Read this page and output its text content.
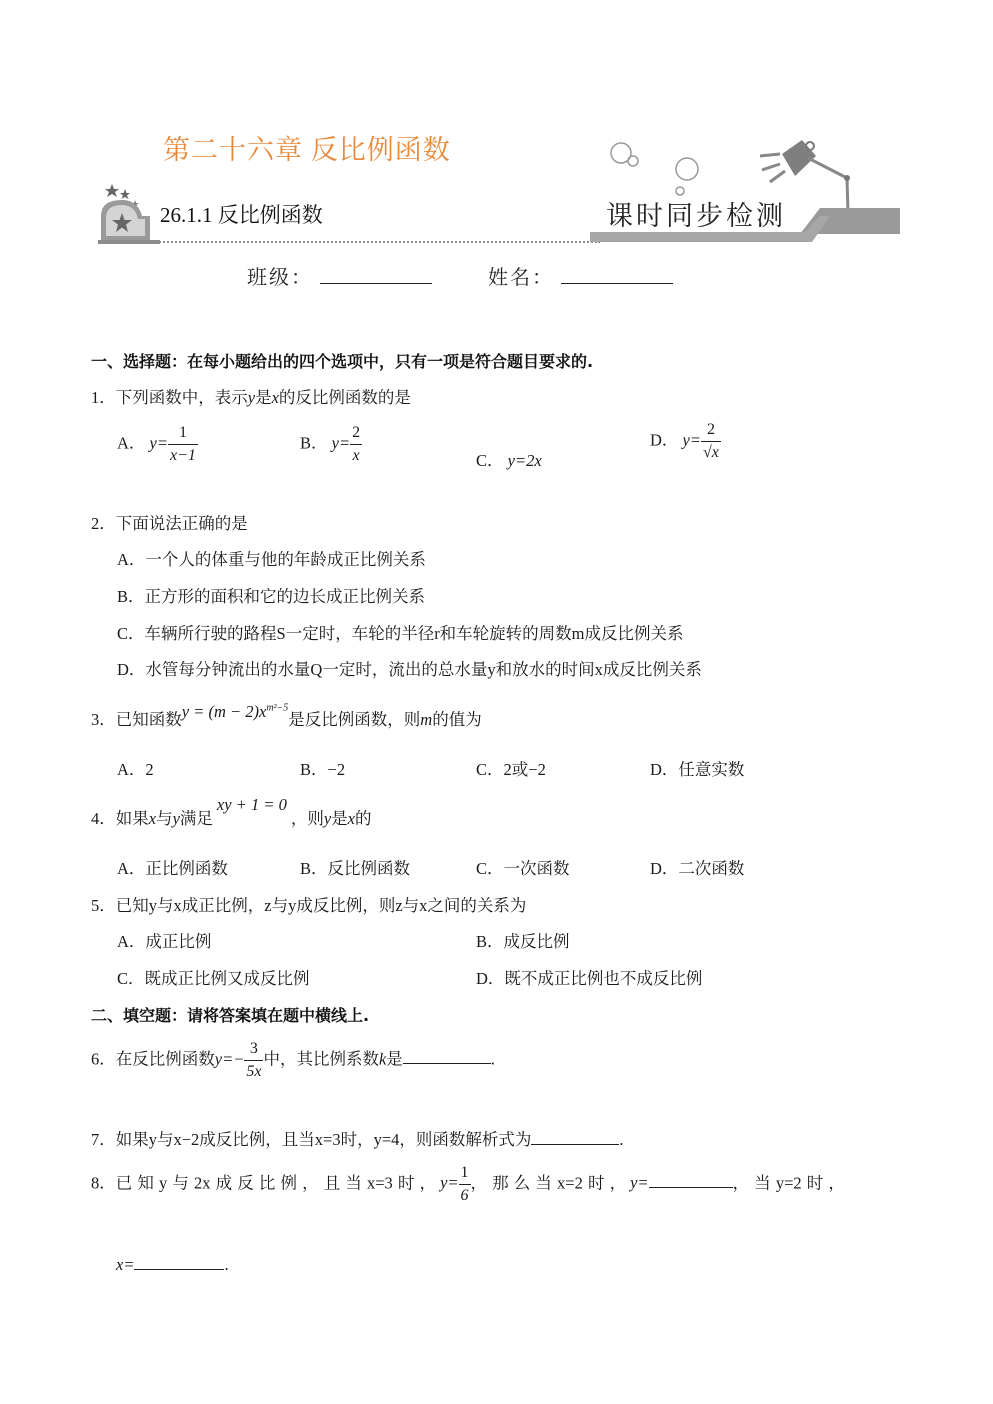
第二十六章 反比例函数
26.1.1 反比例函数	课时同步检测
班级：	姓名：
一、选择题：在每小题给出的四个选项中，只有一项是符合题目要求的.
1．下列函数中，表示y是x的反比例函数的是
A． $y= \frac{1}{x-1}$	B． $y= \frac{2}{x}$	C． y=2x
D． $y= \frac{2}{√x}$
2．下面说法正确的是
A．一个人的体重与他的年龄成正比例关系
B．正方形的面积和它的边长成正比例关系
C．车辆所行驶的路程S一定时，车轮的半径r和车轮旋转的周数m成反比例关系
D．水管每分钟流出的水量Q一定时，流出的总水量y和放水的时间x成反比例关系
3．已知函数$y = (m - 2)x^{m^2-5}$是反比例函数，则m的值为
A．2	B．−2	C．2或−2	D．任意实数
4．如果x与y满足xy + 1 = 0，则y是x的
A．正比例函数	B．反比例函数	C．一次函数	D．二次函数
5．已知y与x成正比例，z与y成反比例，则z与x之间的关系为
A．成正比例	B．成反比例
C．既成正比例又成反比例	D．既不成正比例也不成反比例
二、填空题：请将答案填在题中横线上.
6．在反比例函数$y=- \frac{3}{5x}$ 中，其比例系数k是	.
7．如果y与x−2成反比例，且当x=3时，y=4，则函数解析式为	.
8．已 知 y 与 2x 成 反 比 例 ， 且 当 x=3 时 ， $y= \frac{1}{6}$ ， 那 么 当 x=2 时 ， y=	， 当 y=2 时 ，
x=	.
